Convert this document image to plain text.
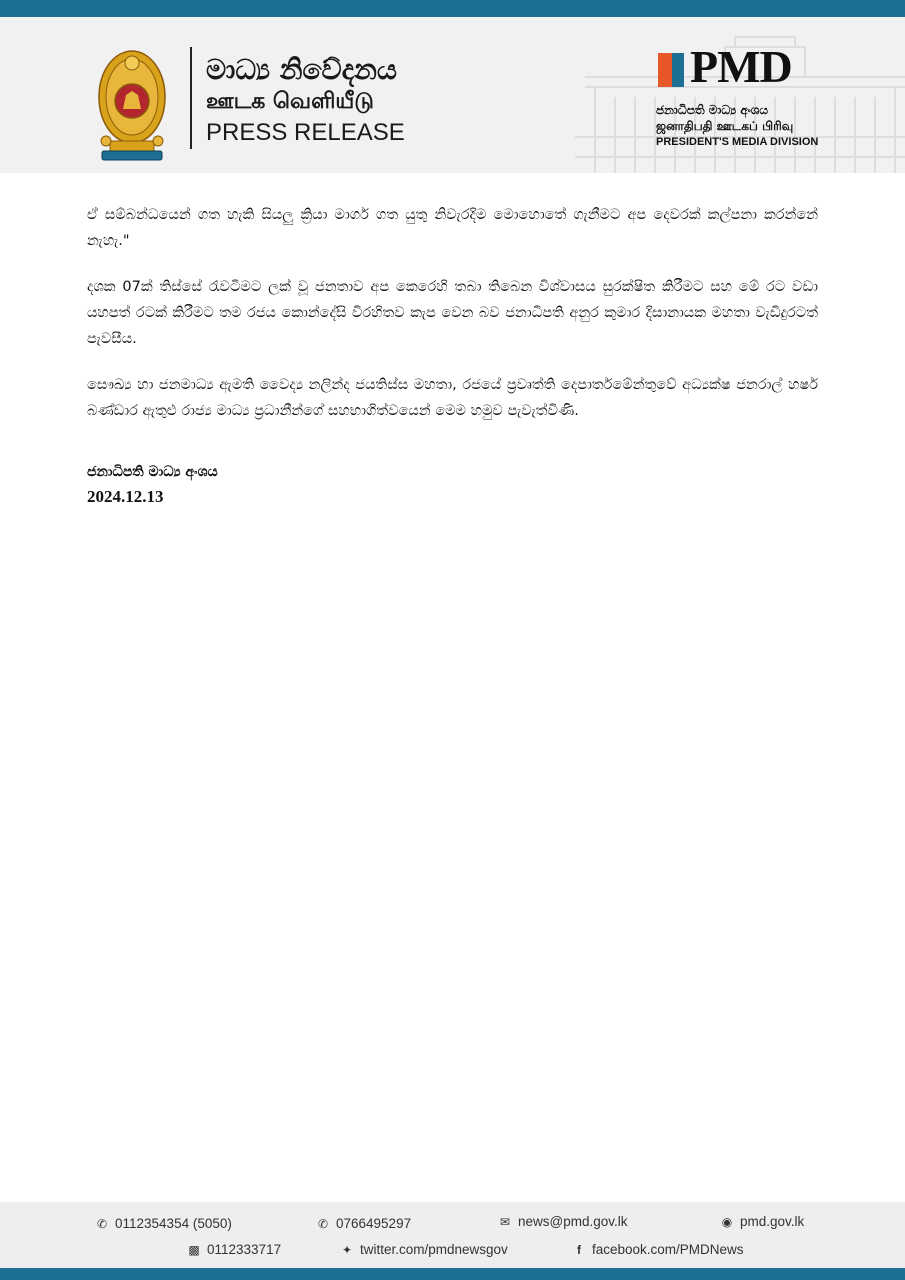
මාධ්‍ය නිවේදනය
ஊடக வெளியீடு
PRESS RELEASE
PMD
ජනාධිපති මාධ්‍ය අංශය
ஜனாதிபதி ஊடகப் பிரிவு
PRESIDENT'S MEDIA DIVISION

ඒ සම්බන්ධයෙන් ගත හැකි සියලු ක්‍රියා මාර්ග ගත යුතු නිවැරදිම මොහොතේ ගැනීමට අප දෙවරක් කල්පනා කරන්නේ නැහැ."

දශක 07ක් තිස්සේ රැවටීමට ලක් වූ ජනතාව අප කෙරෙහි තබා තිබෙන විශ්වාසය සුරක්ෂිත කිරීමට සහ මේ රට වඩා යහපත් රටක් කිරීමට තම රජය කොන්දේසි විරහිතව කැප වෙන බව ජනාධිපති අනුර කුමාර දිසානායක මහතා වැඩිදුරටත් පැවසීය.

සෞඛ්‍ය හා ජනමාධ්‍ය ඇමති වෛද්‍ය නලින්ද ජයතිස්ස මහතා, රජයේ ප්‍රවෘත්ති දෙපාර්තමේන්තුවේ අධ්‍යක්ෂ ජනරාල් හර්ෂ බණ්ඩාර ඇතුළු රාජ්‍ය මාධ්‍ය ප්‍රධානීන්ගේ සහභාගිත්වයෙන් මෙම හමුව පැවැත්විණි.

ජනාධිපති මාධ්‍ය අංශය
2024.12.13
✆ 0112354354 (5050)	✆ 0766495297	✉ news@pmd.gov.lk	◉ pmd.gov.lk
▩ 0112333717	✦ twitter.com/pmdnewsgov	f facebook.com/PMDNews
